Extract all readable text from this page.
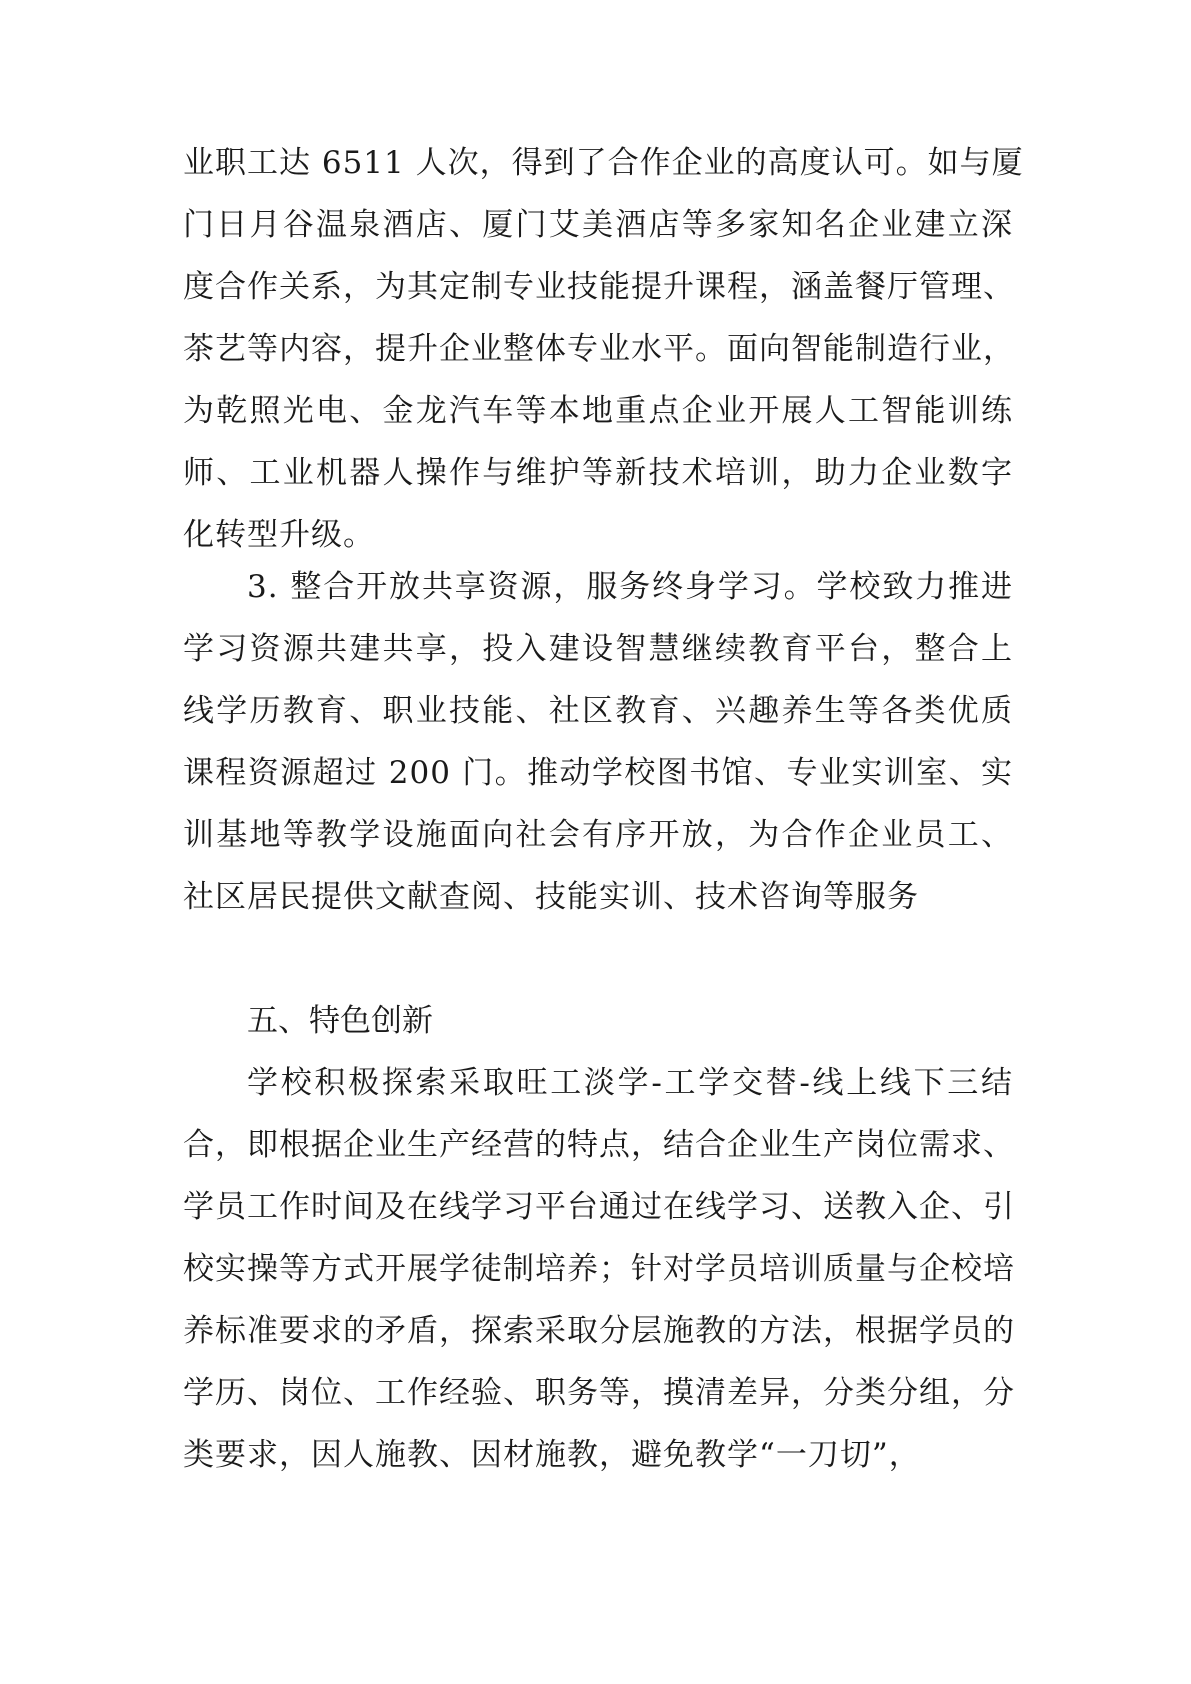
业职工达 6511 人次，得到了合作企业的高度认可。如与厦
门日月谷温泉酒店、厦门艾美酒店等多家知名企业建立深
度合作关系，为其定制专业技能提升课程，涵盖餐厅管理、
茶艺等内容，提升企业整体专业水平。面向智能制造行业，
为乾照光电、金龙汽车等本地重点企业开展人工智能训练
师、工业机器人操作与维护等新技术培训，助力企业数字
化转型升级。
3. 整合开放共享资源，服务终身学习。学校致力推进
学习资源共建共享，投入建设智慧继续教育平台，整合上
线学历教育、职业技能、社区教育、兴趣养生等各类优质
课程资源超过 200 门。推动学校图书馆、专业实训室、实
训基地等教学设施面向社会有序开放，为合作企业员工、
社区居民提供文献查阅、技能实训、技术咨询等服务
五、特色创新
学校积极探索采取旺工淡学-工学交替-线上线下三结
合，即根据企业生产经营的特点，结合企业生产岗位需求、
学员工作时间及在线学习平台通过在线学习、送教入企、引
校实操等方式开展学徒制培养；针对学员培训质量与企校培
养标准要求的矛盾，探索采取分层施教的方法，根据学员的
学历、岗位、工作经验、职务等，摸清差异，分类分组，分
类要求，因人施教、因材施教，避免教学“一刀切”，
